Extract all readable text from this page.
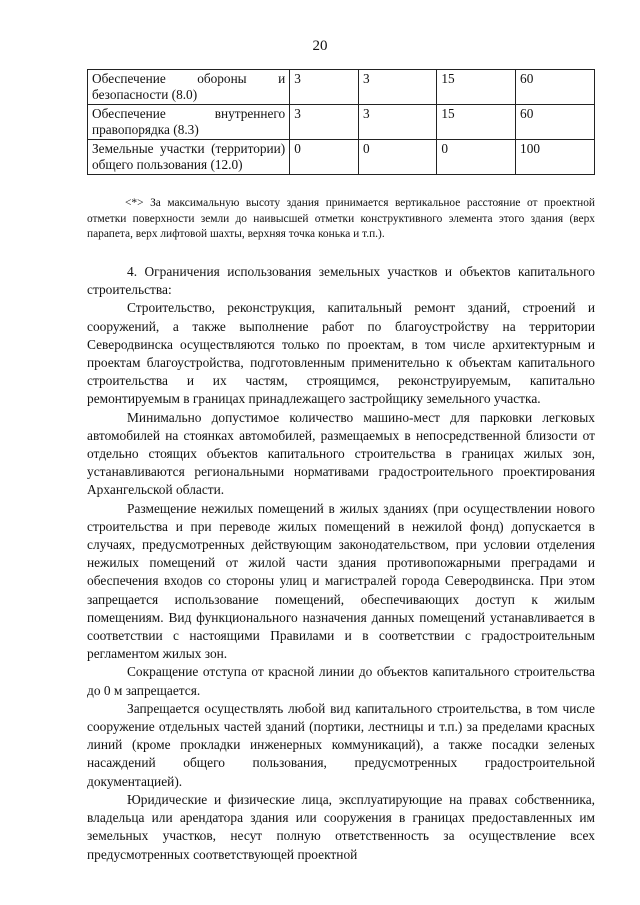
20
Обеспечение обороны и безопасности (8.0)	3	3	15	60
Обеспечение внутреннего правопорядка (8.3)	3	3	15	60
Земельные участки (территории) общего пользования (12.0)	0	0	0	100
<*> За максимальную высоту здания принимается вертикальное расстояние от проектной отметки поверхности земли до наивысшей отметки конструктивного элемента этого здания (верх парапета, верх лифтовой шахты, верхняя точка конька и т.п.).

4. Ограничения использования земельных участков и объектов капитального строительства:

Строительство, реконструкция, капитальный ремонт зданий, строений и сооружений, а также выполнение работ по благоустройству на территории Северодвинска осуществляются только по проектам, в том числе архитектурным и проектам благоустройства, подготовленным применительно к объектам капитального строительства и их частям, строящимся, реконструируемым, капитально ремонтируемым в границах принадлежащего застройщику земельного участка.

Минимально допустимое количество машино-мест для парковки легковых автомобилей на стоянках автомобилей, размещаемых в непосредственной близости от отдельно стоящих объектов капитального строительства в границах жилых зон, устанавливаются региональными нормативами градостроительного проектирования Архангельской области.

Размещение нежилых помещений в жилых зданиях (при осуществлении нового строительства и при переводе жилых помещений в нежилой фонд) допускается в случаях, предусмотренных действующим законодательством, при условии отделения нежилых помещений от жилой части здания противопожарными преградами и обеспечения входов со стороны улиц и магистралей города Северодвинска. При этом запрещается использование помещений, обеспечивающих доступ к жилым помещениям. Вид функционального назначения данных помещений устанавливается в соответствии с настоящими Правилами и в соответствии с градостроительным регламентом жилых зон.

Сокращение отступа от красной линии до объектов капитального строительства до 0 м запрещается.

Запрещается осуществлять любой вид капитального строительства, в том числе сооружение отдельных частей зданий (портики, лестницы и т.п.) за пределами красных линий (кроме прокладки инженерных коммуникаций), а также посадки зеленых насаждений общего пользования, предусмотренных градостроительной документацией).

Юридические и физические лица, эксплуатирующие на правах собственника, владельца или арендатора здания или сооружения в границах предоставленных им земельных участков, несут полную ответственность за осуществление всех предусмотренных соответствующей проектной
